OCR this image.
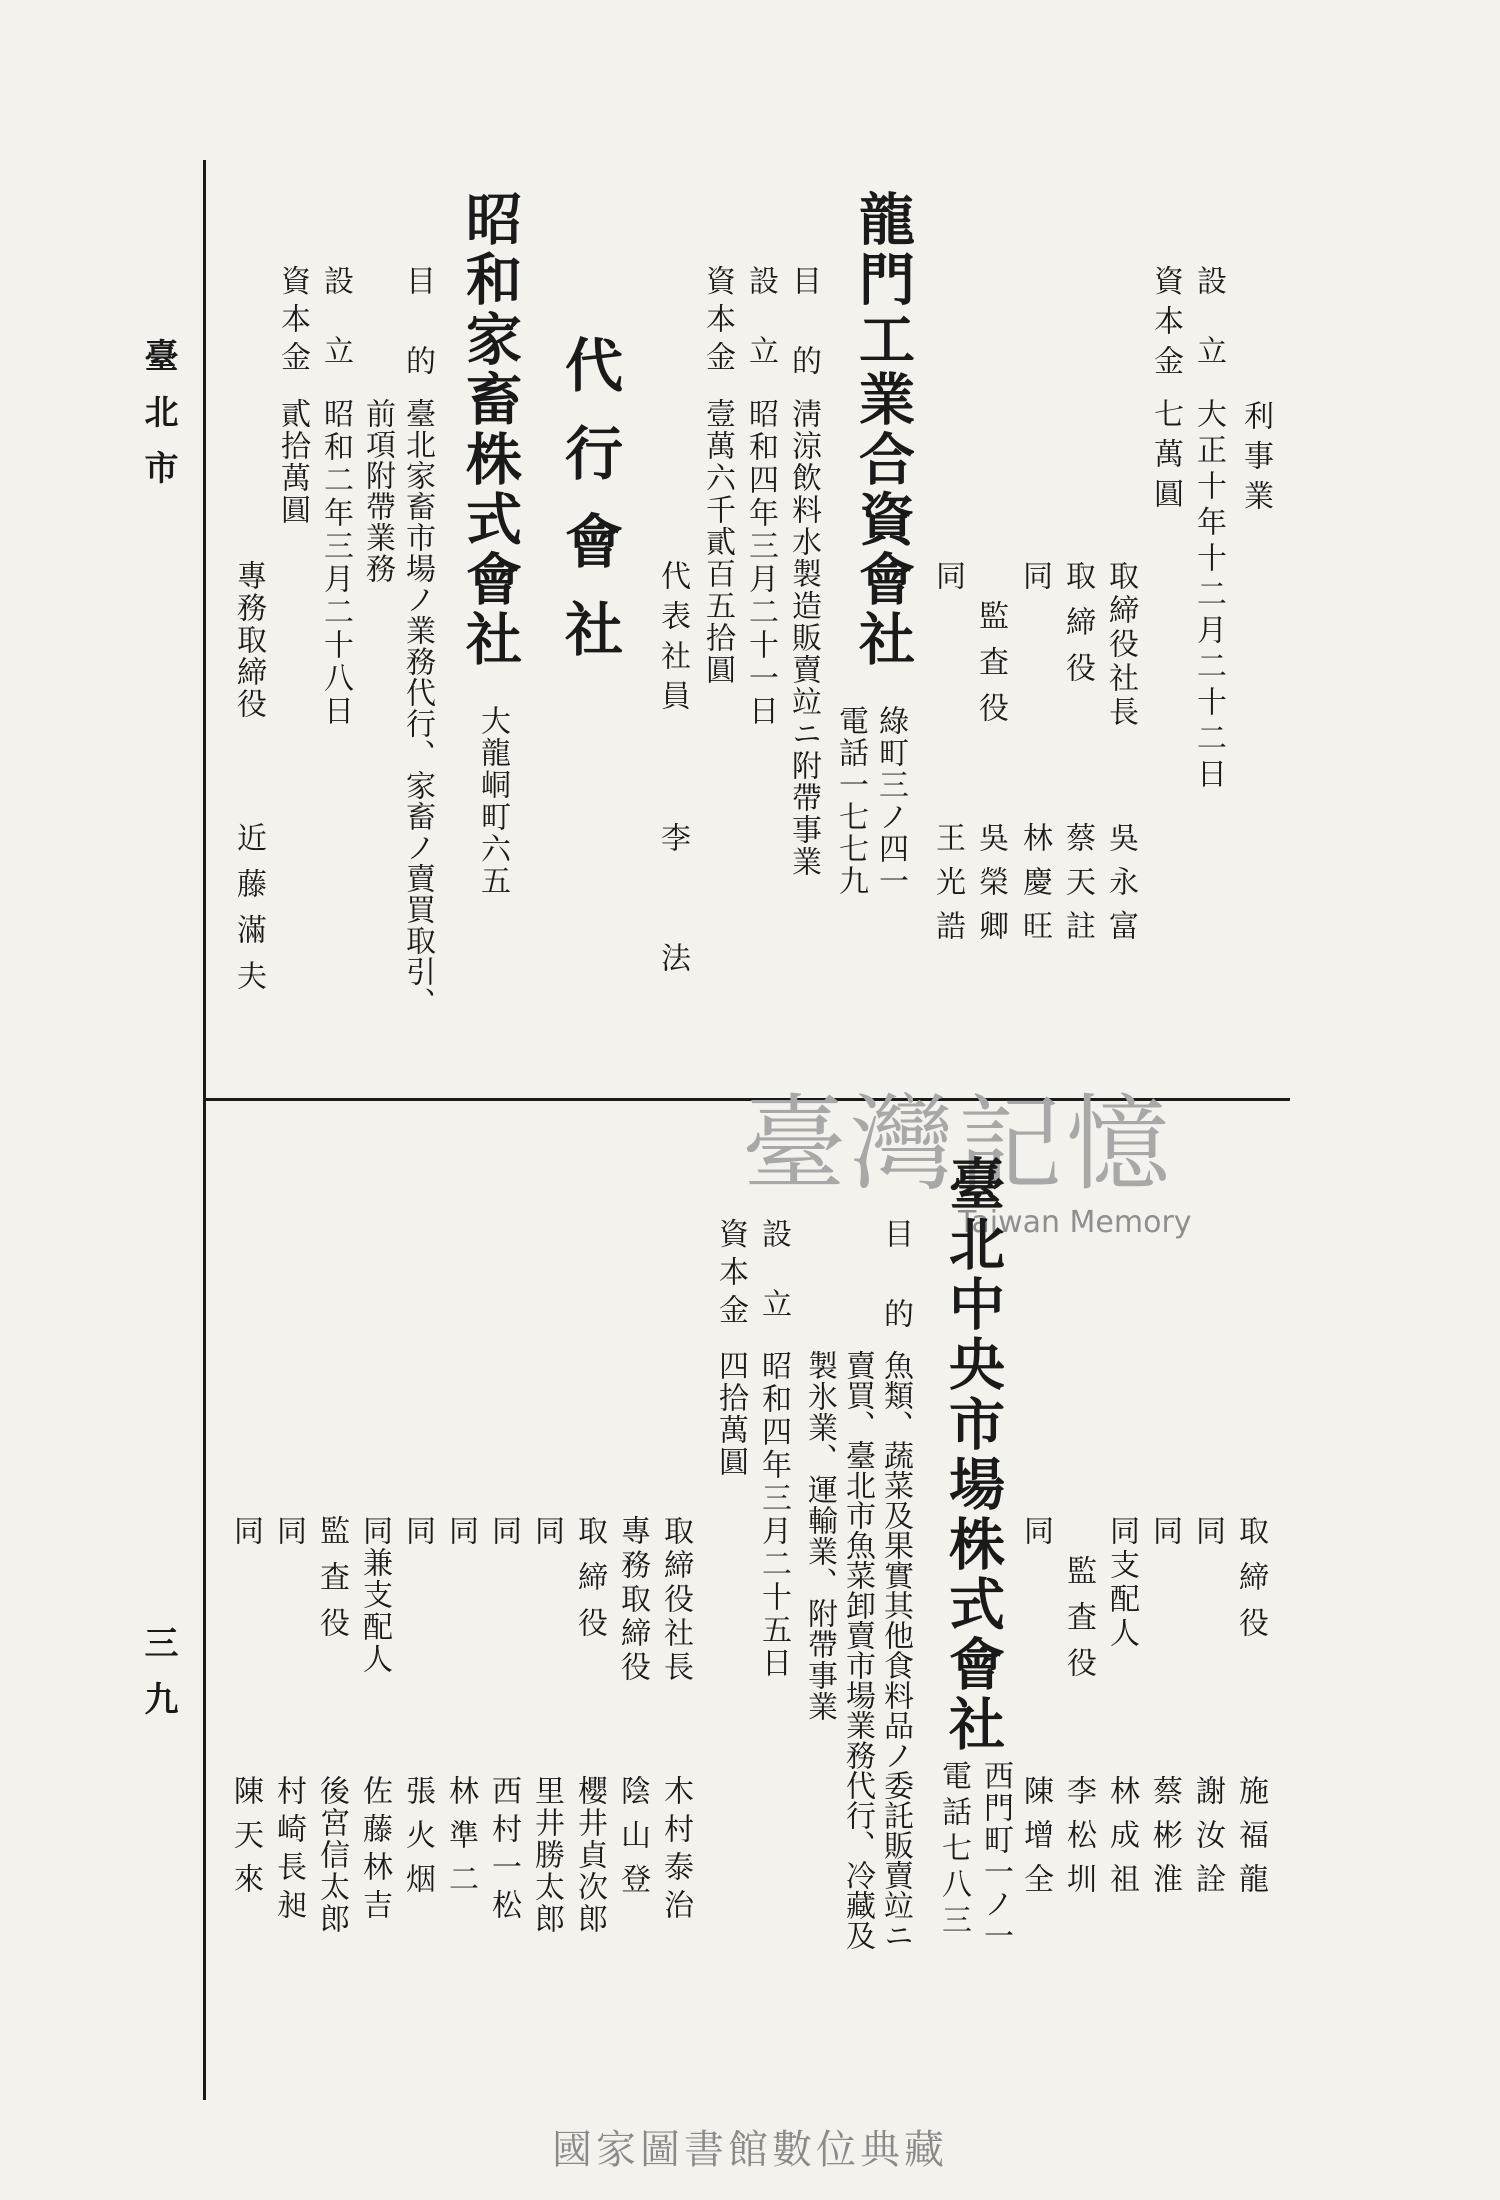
臺北市
三九
利事業
設立
大正十年十二月二十二日
資本金
七萬圓
取締役社長
吳永富
取締役
蔡天註
同
林慶旺
監査役
吳榮卿
同
王光誥
龍門工業合資會社
綠町三ノ四一
電話一七七九
目的
淸涼飲料水製造販賣竝ニ附帶事業
設立
昭和四年三月二十一日
資本金
壹萬六千貳百五拾圓
代表社員
李法
代行會社
昭和家畜株式會社
大龍峒町六五
目的
臺北家畜市場ノ業務代行、家畜ノ賣買取引、
前項附帶業務
設立
昭和二年三月二十八日
資本金
貳拾萬圓
專務取締役
近藤滿夫
臺灣記憶
Taiwan Memory
臺北中央市場株式會社
西門町一ノ一
電話七八三
目的
魚類、蔬菜及果實其他食料品ノ委託販賣竝ニ
賣買、臺北市魚菜卸賣市場業務代行、冷藏及
製氷業、運輸業、附帶事業
設立
昭和四年三月二十五日
資本金
四拾萬圓
取締役
施福龍
同
謝汝詮
同
蔡彬淮
同支配人
林成祖
監査役
李松圳
同
陳增全
取締役社長
木村泰治
專務取締役
陰山登
取締役
櫻井貞次郎
同
里井勝太郎
同
西村一松
同
林準二
同
張火烟
同兼支配人
佐藤林吉
監査役
後宮信太郎
同
村崎長昶
同
陳天來
國家圖書館數位典藏
